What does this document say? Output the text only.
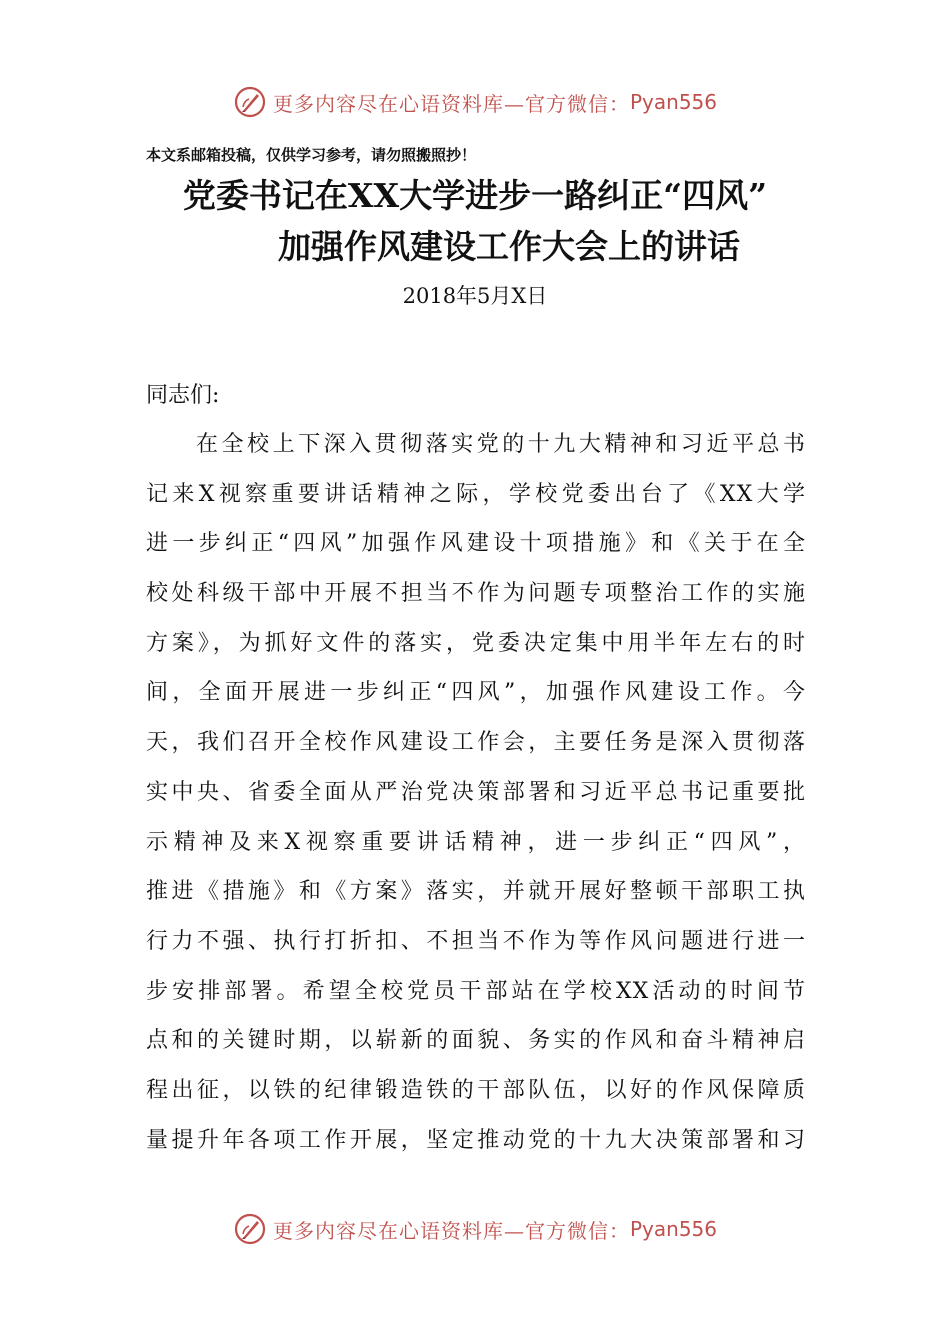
更多内容尽在心语资料库—官方微信： Pyan556
本文系邮箱投稿，仅供学习参考，请勿照搬照抄！
党委书记在XX大学进步一路纠正“四风”
加强作风建设工作大会上的讲话
2018年5月X日
同志们:
在全校上下深入贯彻落实党的十九大精神和习近平总书
记来X视察重要讲话精神之际，学校党委出台了《XX大学
进一步纠正“四风”加强作风建设十项措施》和《关于在全
校处科级干部中开展不担当不作为问题专项整治工作的实施
方案》，为抓好文件的落实，党委决定集中用半年左右的时
间，全面开展进一步纠正“四风”，加强作风建设工作。今
天，我们召开全校作风建设工作会，主要任务是深入贯彻落
实中央、省委全面从严治党决策部署和习近平总书记重要批
示精神及来X视察重要讲话精神，进一步纠正“四风”，
推进《措施》和《方案》落实，并就开展好整顿干部职工执
行力不强、执行打折扣、不担当不作为等作风问题进行进一
步安排部署。希望全校党员干部站在学校XX活动的时间节
点和的关键时期，以崭新的面貌、务实的作风和奋斗精神启
程出征，以铁的纪律锻造铁的干部队伍，以好的作风保障质
量提升年各项工作开展，坚定推动党的十九大决策部署和习
更多内容尽在心语资料库—官方微信： Pyan556
